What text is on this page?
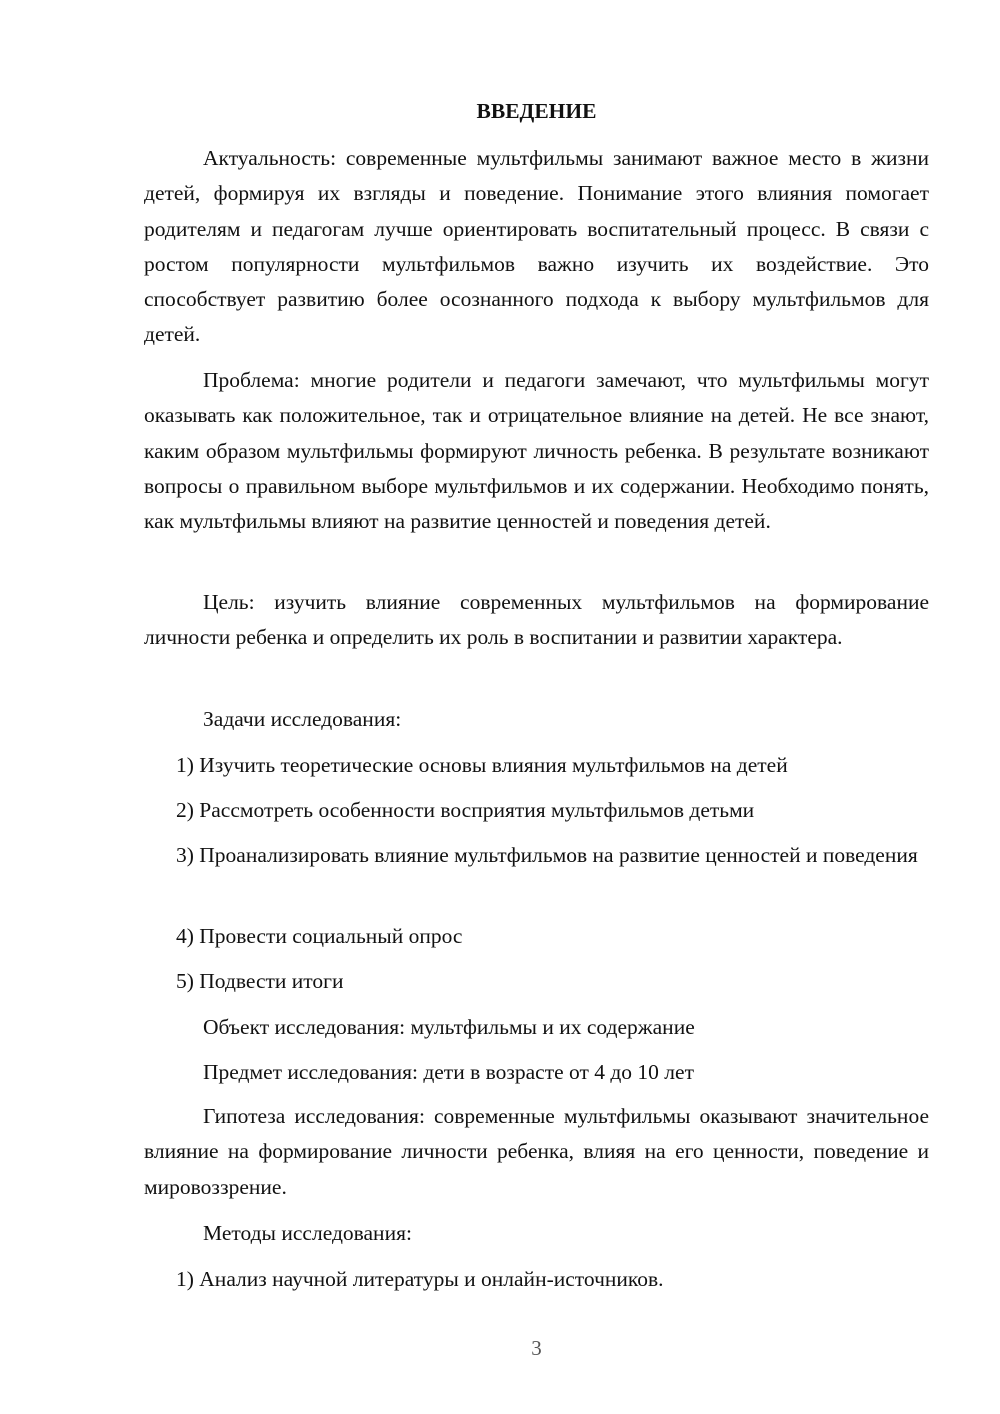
ВВЕДЕНИЕ

Актуальность: современные мультфильмы занимают важное место в жизни детей, формируя их взгляды и поведение. Понимание этого влияния помогает родителям и педагогам лучше ориентировать воспитательный процесс. В связи с ростом популярности мультфильмов важно изучить их воздействие. Это способствует развитию более осознанного подхода к выбору мультфильмов для детей.

Проблема: многие родители и педагоги замечают, что мультфильмы могут оказывать как положительное, так и отрицательное влияние на детей. Не все знают, каким образом мультфильмы формируют личность ребенка. В результате возникают вопросы о правильном выборе мультфильмов и их содержании. Необходимо понять, как мультфильмы влияют на развитие ценностей и поведения детей.

Цель: изучить влияние современных мультфильмов на формирование личности ребенка и определить их роль в воспитании и развитии характера.

Задачи исследования:
1) Изучить теоретические основы влияния мультфильмов на детей
2) Рассмотреть особенности восприятия мультфильмов детьми

3) Проанализировать влияние мультфильмов на развитие ценностей и поведения

4) Провести социальный опрос
5) Подвести итоги
Объект исследования: мультфильмы и их содержание
Предмет исследования: дети в возрасте от 4 до 10 лет

Гипотеза исследования: современные мультфильмы оказывают значительное влияние на формирование личности ребенка, влияя на его ценности, поведение и мировоззрение.

Методы исследования:
1) Анализ научной литературы и онлайн-источников.
3
